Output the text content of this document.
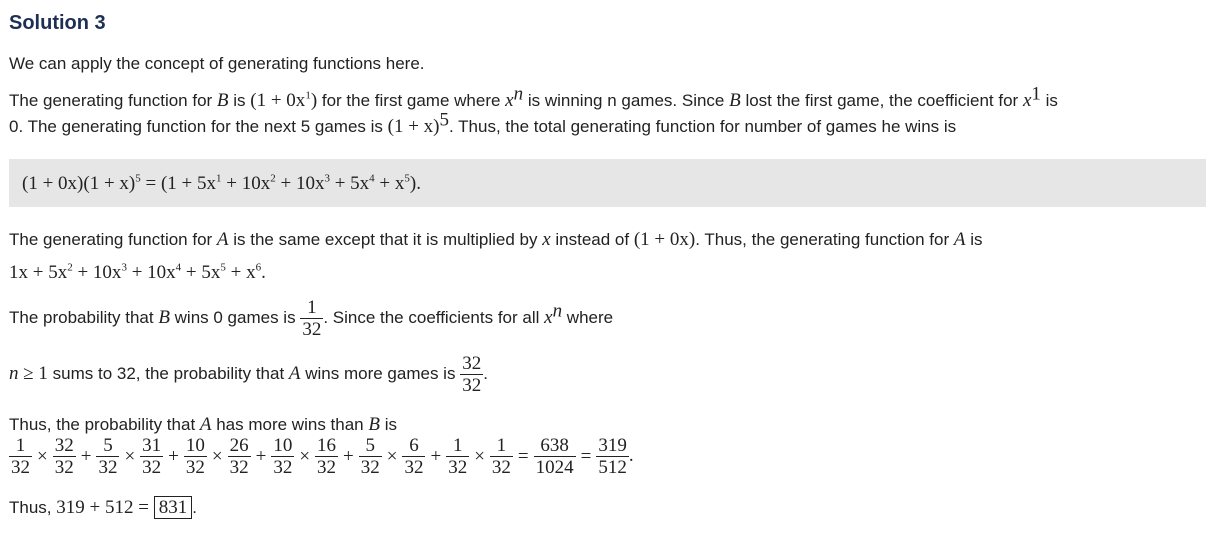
Solution 3
We can apply the concept of generating functions here.
The generating function for B is $(1 + 0x^1)$ for the first game where $x^n$ is winning n games. Since B lost the first game, the coefficient for $x^1$ is
0. The generating function for the next 5 games is $(1 + x)^5$. Thus, the total generating function for number of games he wins is
$(1 + 0x)(1 + x)^5 = (1 + 5x^1 + 10x^2 + 10x^3 + 5x^4 + x^5)$.
The generating function for A is the same except that it is multiplied by x instead of (1 + 0x). Thus, the generating function for A is
$1x + 5x^2 + 10x^3 + 10x^4 + 5x^5 + x^6$.
The probability that B wins 0 games is $\frac{1}{32}$ . Since the coefficients for all $x^n$ where
n ≥ 1 sums to 32, the probability that A wins more games is $\frac{32}{32}$ .
Thus, the probability that A has more wins than B is
$\frac{1}{32} \times \frac{32}{32} + \frac{5}{32} \times \frac{31}{32} + \frac{10}{32} \times \frac{26}{32} + \frac{10}{32} \times \frac{16}{32} + \frac{5}{32} \times \frac{6}{32} + \frac{1}{32} \times \frac{1}{32} = \frac{638}{1024} = \frac{319}{512}$ .
Thus, 319 + 512 = 831 .
